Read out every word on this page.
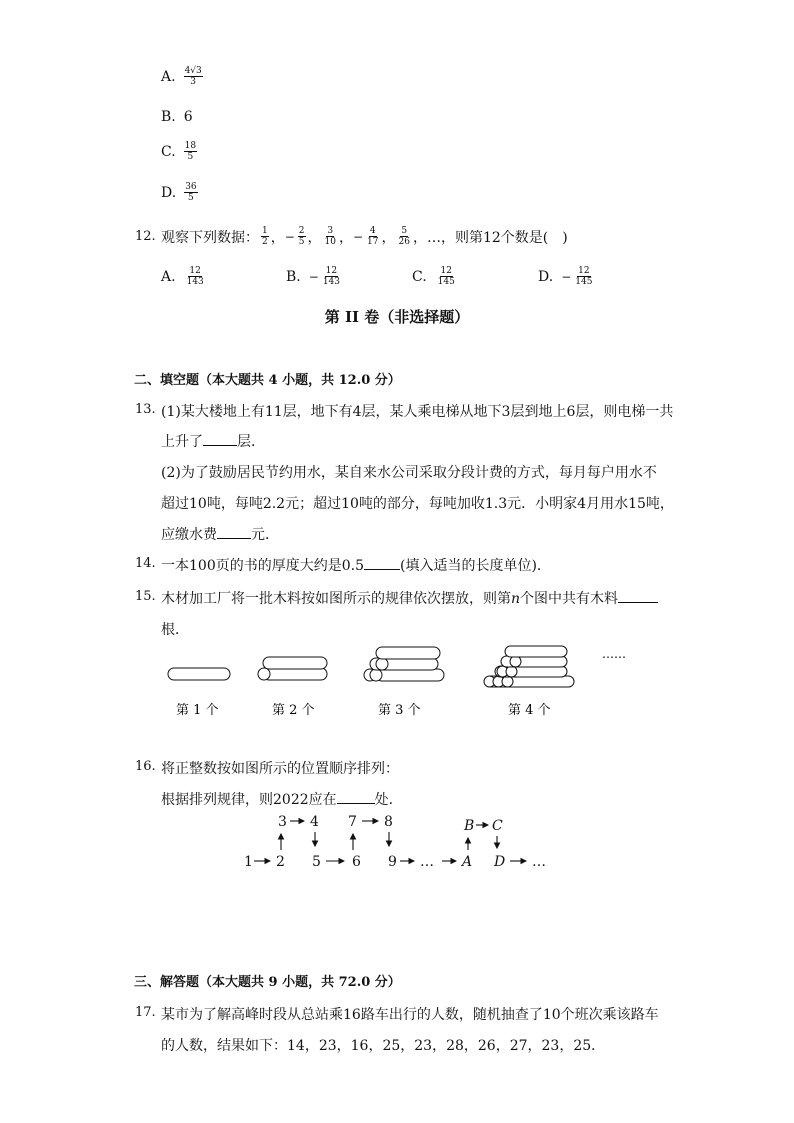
A. $\frac{4√3}{3}$
B. 6
C. $\frac{18}{5}$
D. $\frac{36}{5}$
12. 观察下列数据： $\frac{1}{2}$ ， − $\frac{2}{5}$ ， $\frac{3}{10}$ ， − $\frac{4}{17}$ ， $\frac{5}{26}$ ，…，则第12个数是(　)
A. $\frac{12}{143}$	B. − $\frac{12}{143}$	C. $\frac{12}{145}$	D. − $\frac{12}{145}$
第 II 卷（非选择题）
二、填空题（本大题共 4 小题，共 12.0 分）
13. (1)某大楼地上有11层，地下有4层，某人乘电梯从地下3层到地上6层，则电梯一共
上升了 层．
(2)为了鼓励居民节约用水，某自来水公司采取分段计费的方式，每月每户用水不
超过10吨，每吨2.2元；超过10吨的部分，每吨加收1.3元．小明家4月用水15吨，
应缴水费 元．
14. 一本100页的书的厚度大约是0.5	(填入适当的长度单位)．
15. 木材加工厂将一批木料按如图所示的规律依次摆放，则第n个图中共有木料
根．
……
第 1 个	第 2 个	第 3 个	第 4 个
16. 将正整数按如图所示的位置顺序排列：
根据排列规律，则2022应在	处．
3 4 7 8	B C
1 2 5 6 9 … A D …
三、解答题（本大题共 9 小题，共 72.0 分）
17. 某市为了解高峰时段从总站乘16路车出行的人数，随机抽查了10个班次乘该路车
的人数，结果如下：14，23，16，25，23，28，26，27，23，25．
